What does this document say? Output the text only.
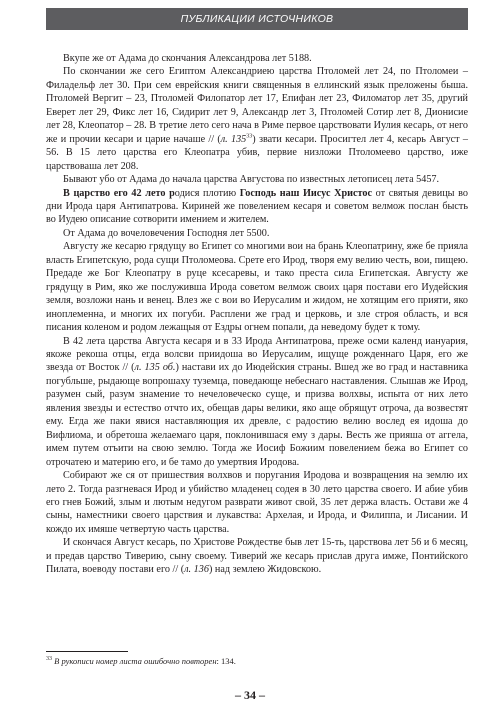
ПУБЛИКАЦИИ ИСТОЧНИКОВ

Вкупе же от Адама до скончания Александрова лет 5188.

По скончании же сего Египтом Александриею царства Птоломей лет 24, по Птоломеи – Филадельф лет 30. При сем еврейския книги священныя в еллинский язык преложены быша. Птоломей Вергит – 23, Птоломей Филопатор лет 17, Епифан лет 23, Филоматор лет 35, другий Еверет лет 29, Фикс лет 16, Сидирит лет 9, Александр лет 3, Птоломей Сотир лет 8, Дионисие лет 28, Клеопатор – 28. В третие лето сего нача в Риме первое царствовати Иулия кесарь, от него же и прочии кесари и царие начаше // (л. $135^{33}$) звати кесари. Просигтел лет 4, кесарь Август – 56. В 15 лето царства его Клеопатра убив, первие низложи Птоломеево царство, иже царствоваша лет 208.

Бывают убо от Адама до начала царства Августова по известных летописец лета 5457.

В царство его 42 лето родися плотию Господь наш Иисус Христос от святыя девицы во дни Ирода царя Антипатрова. Кириней же повелением кесаря и советом велмож послан бысть во Иудею описание сотворити имением и жителем.

От Адама до вочеловечения Господня лет 5500.

Августу же кесарю грядущу во Египет со многими вои на брань Клеопатрину, яже бе прияла власть Египетскую, рода сущи Птоломеова. Сретe его Ирод, творя ему велию честь, вои, пищею. Предаде же Бог Клеопатру в руце ксесаревы, и тако преста сила Египетская. Августу же грядущу в Рим, яко же послуживша Ирода советом велмож своих царя постави его Иудейския земля, возложи нань и венец. Влез же с вои во Иерусалим и жидом, не хотящим его прияти, яко иноплеменна, и многих их погуби. Расплени же град и церковь, и зле строя область, и вся писания коленом и родом лежащыя от Ездры огнем попали, да невeдому будет к тому.

В 42 лета царства Августа кесаря и в 33 Ирода Антипатрова, преже осми календ иануария, якоже рекоша отцы, егда волсви приидоша во Иерусалим, ищуще рожденнаго Царя, его же звезда от Восток // (л. 135 об.) настави их до Июдейския страны. Вшед же во град и наставника погубльше, рыдающе вопрошаху туземца, поведающе небеснаго наставления. Слышав же Ирод, разумен сый, разум знамение то нечеловеческо суще, и призва волхвы, испыта от них лето явления звезды и естество отчто их, обещав дары велики, яко аще обрящут отроча, да возвестят ему. Егда же паки явися наставляющия их древле, с радостию велию вослед ея идоша до Вифлиома, и обретоша желаемаго царя, поклонившася ему з дары. Весть же прияша от аггела, имем путем отъити на свою землю. Тогда же Иосиф Божиим повелением бежа во Египет со отрочатею и материю его, и бе тамо до умертвия Иродова.

Собирают же ся от пришествия волхвов и поругания Иродова и возвращения на землю их лето 2. Тогда разгневася Ирод и убийство младенец содея в 30 лето царства своего. И абие убив его гнев Божий, злым и лютым недугом разврати живот свой, 35 лет держа власть. Остави же 4 сыны, наместники своего царствия и лукавства: Архелая, и Ирода, и Филиппа, и Лисании. И кождо их имяше четвертую часть царства.

И скончася Август кесарь, по Христове Рождестве быв лет 15-ть, царствова лет 56 и 6 месяц, и предав царство Тиверию, сыну своему. Тиверий же кесарь прислав друга имже, Понтийского Пилата, воеводу постави его // (л. 136) над землею Жидовскою.

$^{33}$ В рукописи номер листа ошибочно повторен: 134.
– 34 –
